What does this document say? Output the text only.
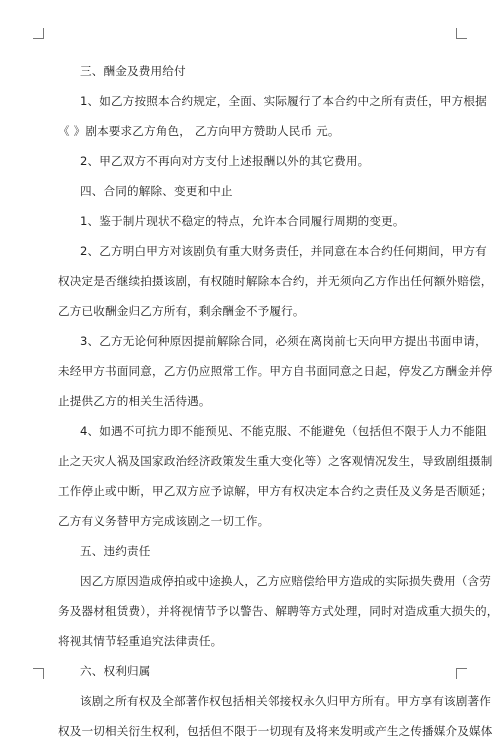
三、酬金及费用给付
1、如乙方按照本合约规定，全面、实际履行了本合约中之所有责任，甲方根据
《 》剧本要求乙方角色， 乙方向甲方赞助人民币 元。
2、甲乙双方不再向对方支付上述报酬以外的其它费用。
四、合同的解除、变更和中止
1、鉴于制片现状不稳定的特点，允许本合同履行周期的变更。
2、乙方明白甲方对该剧负有重大财务责任，并同意在本合约任何期间，甲方有
权决定是否继续拍摄该剧，有权随时解除本合约，并无须向乙方作出任何额外赔偿，
乙方已收酬金归乙方所有，剩余酬金不予履行。
3、乙方无论何种原因提前解除合同，必须在离岗前七天向甲方提出书面申请，
未经甲方书面同意，乙方仍应照常工作。甲方自书面同意之日起，停发乙方酬金并停
止提供乙方的相关生活待遇。
4、如遇不可抗力即不能预见、不能克服、不能避免（包括但不限于人力不能阻
止之天灾人祸及国家政治经济政策发生重大变化等）之客观情况发生，导致剧组摄制
工作停止或中断，甲乙双方应予谅解，甲方有权决定本合约之责任及义务是否顺延；
乙方有义务替甲方完成该剧之一切工作。
五、违约责任
因乙方原因造成停拍或中途换人，乙方应赔偿给甲方造成的实际损失费用（含劳
务及器材租赁费），并将视情节予以警告、解聘等方式处理，同时对造成重大损失的，
将视其情节轻重追究法律责任。
六、权利归属
该剧之所有权及全部著作权包括相关邻接权永久归甲方所有。甲方享有该剧著作
权及一切相关衍生权利，包括但不限于一切现有及将来发明或产生之传播媒介及媒体
